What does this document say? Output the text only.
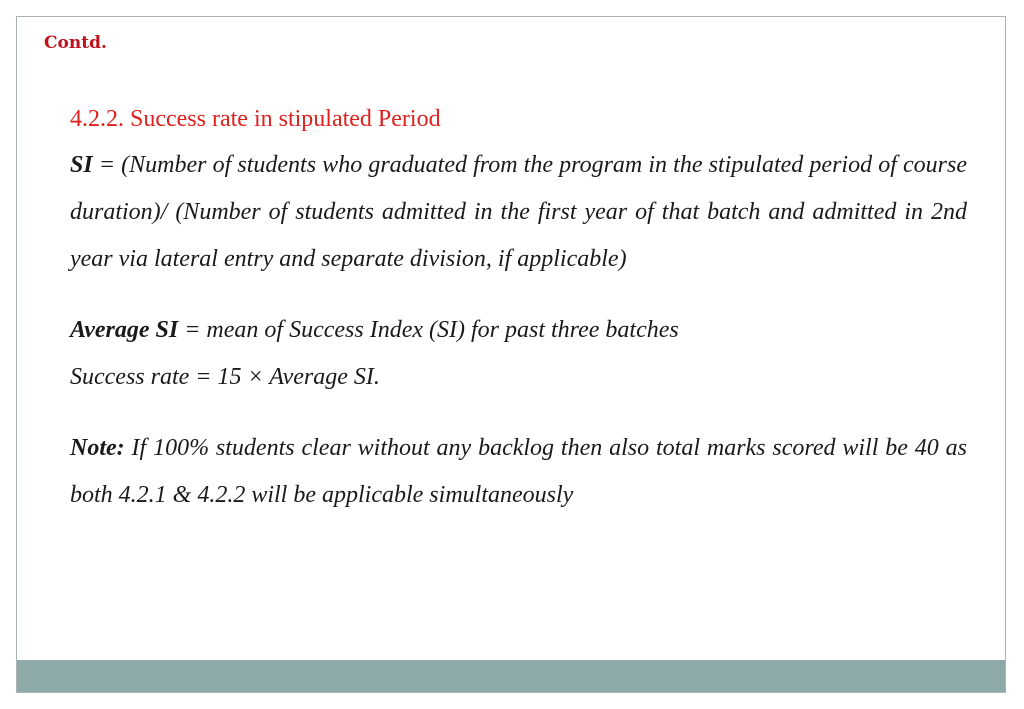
Contd.

4.2.2. Success rate in stipulated Period

SI = (Number of students who graduated from the program in the stipulated period of course duration)/ (Number of students admitted in the first year of that batch and admitted in 2nd year via lateral entry and separate division, if applicable)

Average SI = mean of Success Index (SI) for past three batches

Success rate = 15 × Average SI.

Note: If 100% students clear without any backlog then also total marks scored will be 40 as both 4.2.1 & 4.2.2 will be applicable simultaneously
